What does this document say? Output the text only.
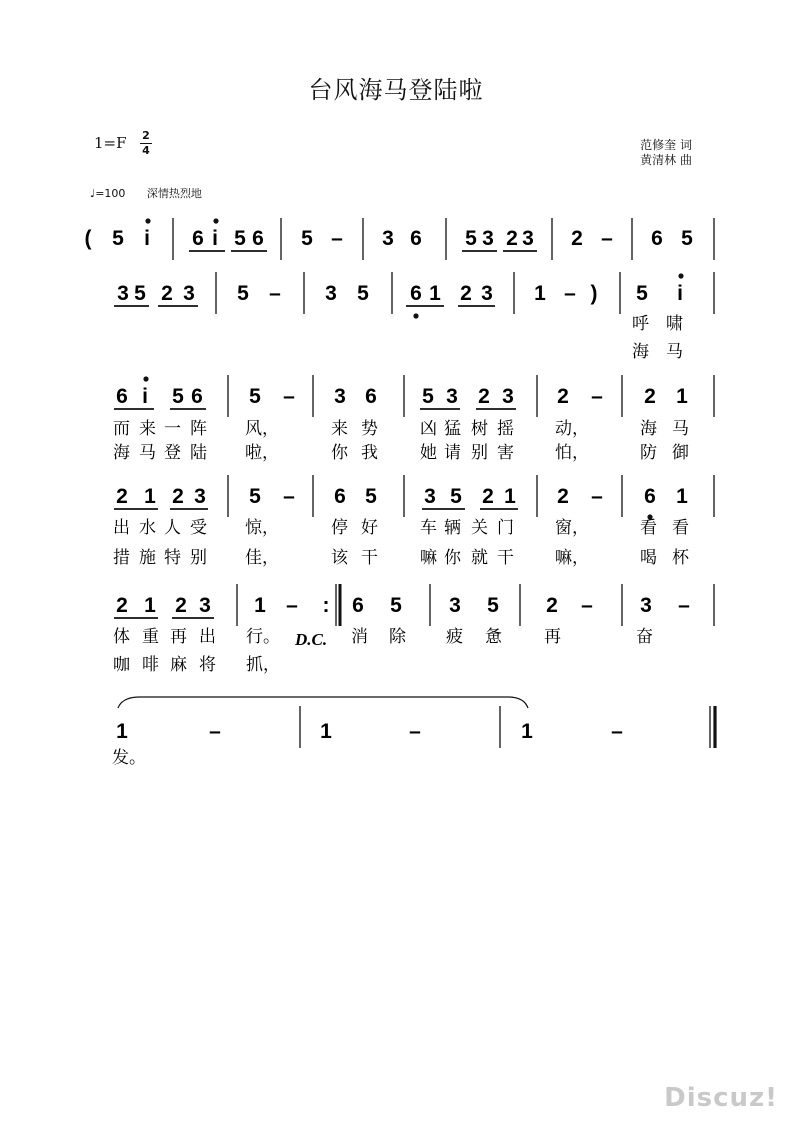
台风海马登陆啦
1=F 2
4
♩=100 深情热烈地
范修奎 词
黄清林 曲
( 5 i 6 i 5 6 5 – 3 6 5 3 2 3 2 – 6 5
3 5 2 3 5 – 3 5 6 1 2 3 1 – ) 5 i
6 i 5 6 5 – 3 6 5 3 2 3 2 – 2 1
2 1 2 3 5 – 6 5 3 5 2 1 2 – 6 1
2 1 2 3 1 – : 6 5 3 5 2 – 3 –
1	–	1	–	1	–
呼 啸
海 马
而 来 一 阵 风，	来 势 凶 猛 树 摇 动，	海 马
海 马 登 陆 啦，	你 我 她 请 别 害 怕，	防 御
出 水 人 受 惊，	停 好 车 辆 关 门 窗，	看 看
措 施 特 别 佳，	该 干 嘛 你 就 干 嘛，	喝 杯
体 重 再 出 行。	消 除 疲 惫 再	奋
D.C.
咖 啡 麻 将 抓，
发。
Discuz!
